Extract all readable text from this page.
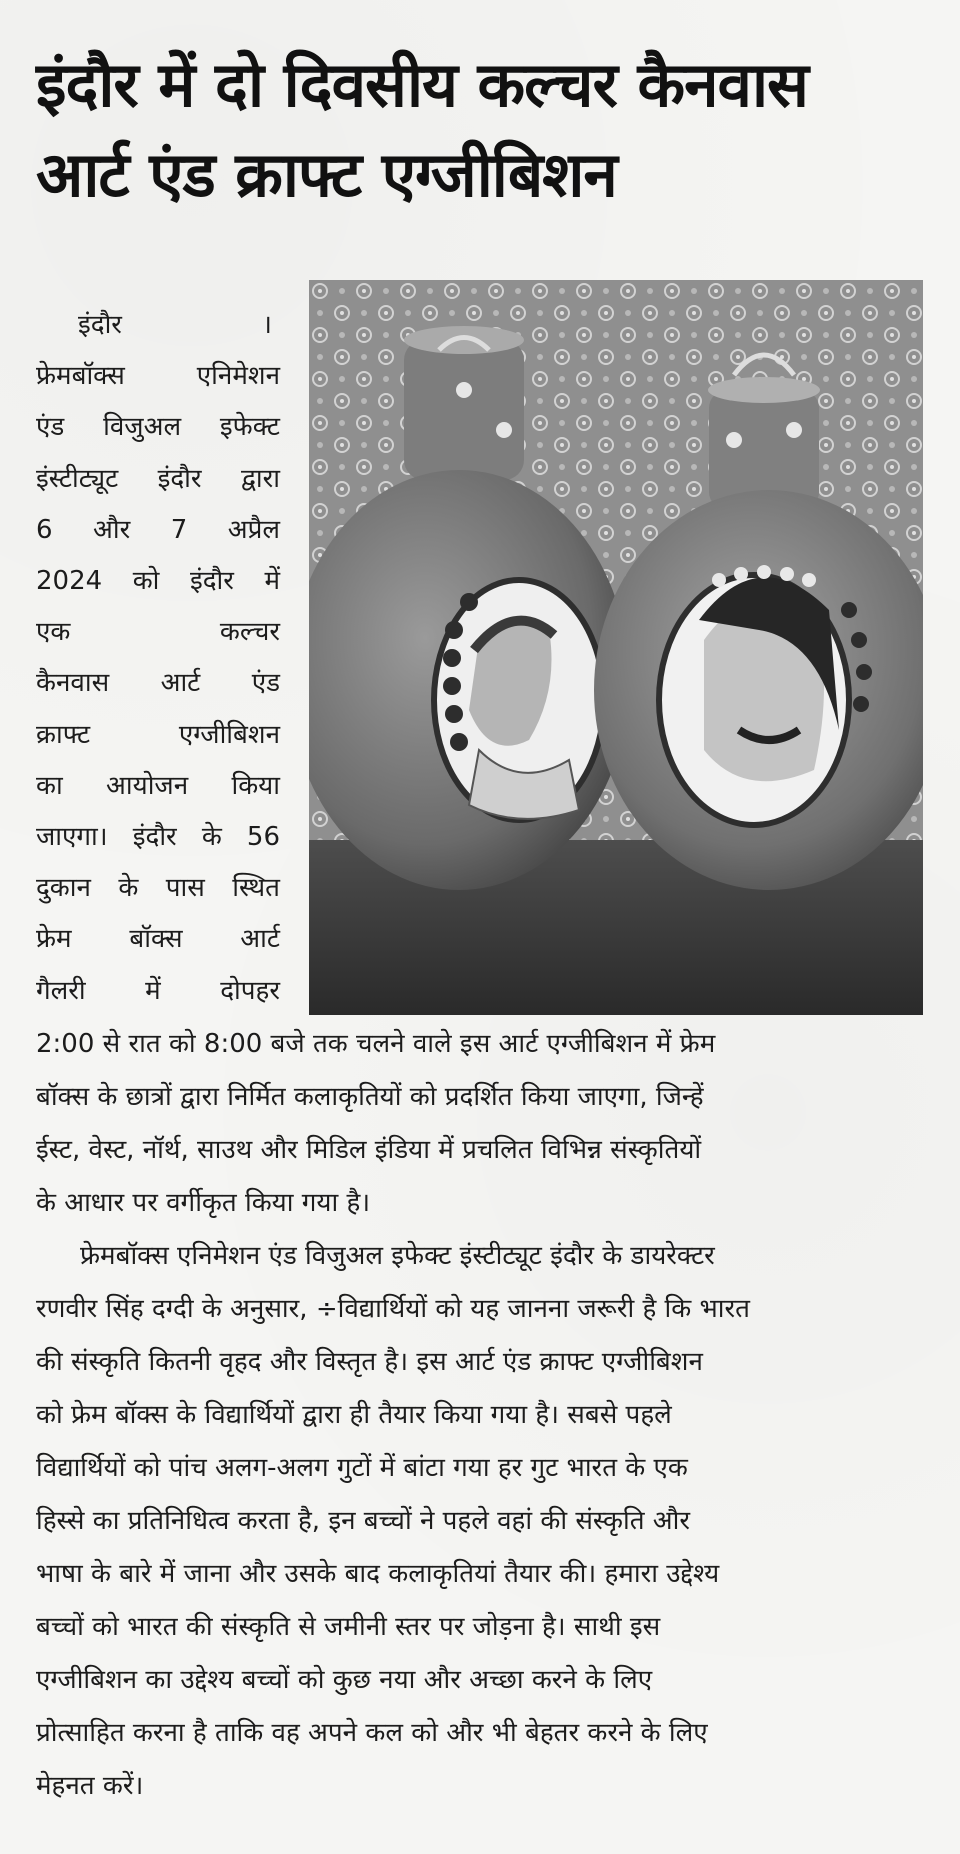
इंदौर में दो दिवसीय कल्चर कैनवास
आर्ट एंड क्राफ्ट एग्जीबिशन
इंदौर	।
फ्रेमबॉक्स एनिमेशन
एंड विजुअल इफेक्ट
इंस्टीट्यूट इंदौर द्वारा
6 और 7 अप्रैल
2024 को इंदौर में
एक कल्चर
कैनवास आर्ट एंड
क्राफ्ट एग्जीबिशन
का आयोजन किया
जाएगा। इंदौर के 56
दुकान के पास स्थित
फ्रेम बॉक्स आर्ट
गैलरी में दोपहर

2:00 से रात को 8:00 बजे तक चलने वाले इस आर्ट एग्जीबिशन में फ्रेम
बॉक्स के छात्रों द्वारा निर्मित कलाकृतियों को प्रदर्शित किया जाएगा, जिन्हें
ईस्ट, वेस्ट, नॉर्थ, साउथ और मिडिल इंडिया में प्रचलित विभिन्न संस्कृतियों
के आधार पर वर्गीकृत किया गया है।

फ्रेमबॉक्स एनिमेशन एंड विजुअल इफेक्ट इंस्टीट्यूट इंदौर के डायरेक्टर
रणवीर सिंह दग्दी के अनुसार, ÷विद्यार्थियों को यह जानना जरूरी है कि भारत
की संस्कृति कितनी वृहद और विस्तृत है। इस आर्ट एंड क्राफ्ट एग्जीबिशन
को फ्रेम बॉक्स के विद्यार्थियों द्वारा ही तैयार किया गया है। सबसे पहले
विद्यार्थियों को पांच अलग-अलग गुटों में बांटा गया हर गुट भारत के एक
हिस्से का प्रतिनिधित्व करता है, इन बच्चों ने पहले वहां की संस्कृति और
भाषा के बारे में जाना और उसके बाद कलाकृतियां तैयार की। हमारा उद्देश्य
बच्चों को भारत की संस्कृति से जमीनी स्तर पर जोड़ना है। साथी इस
एग्जीबिशन का उद्देश्य बच्चों को कुछ नया और अच्छा करने के लिए
प्रोत्साहित करना है ताकि वह अपने कल को और भी बेहतर करने के लिए
मेहनत करें।
